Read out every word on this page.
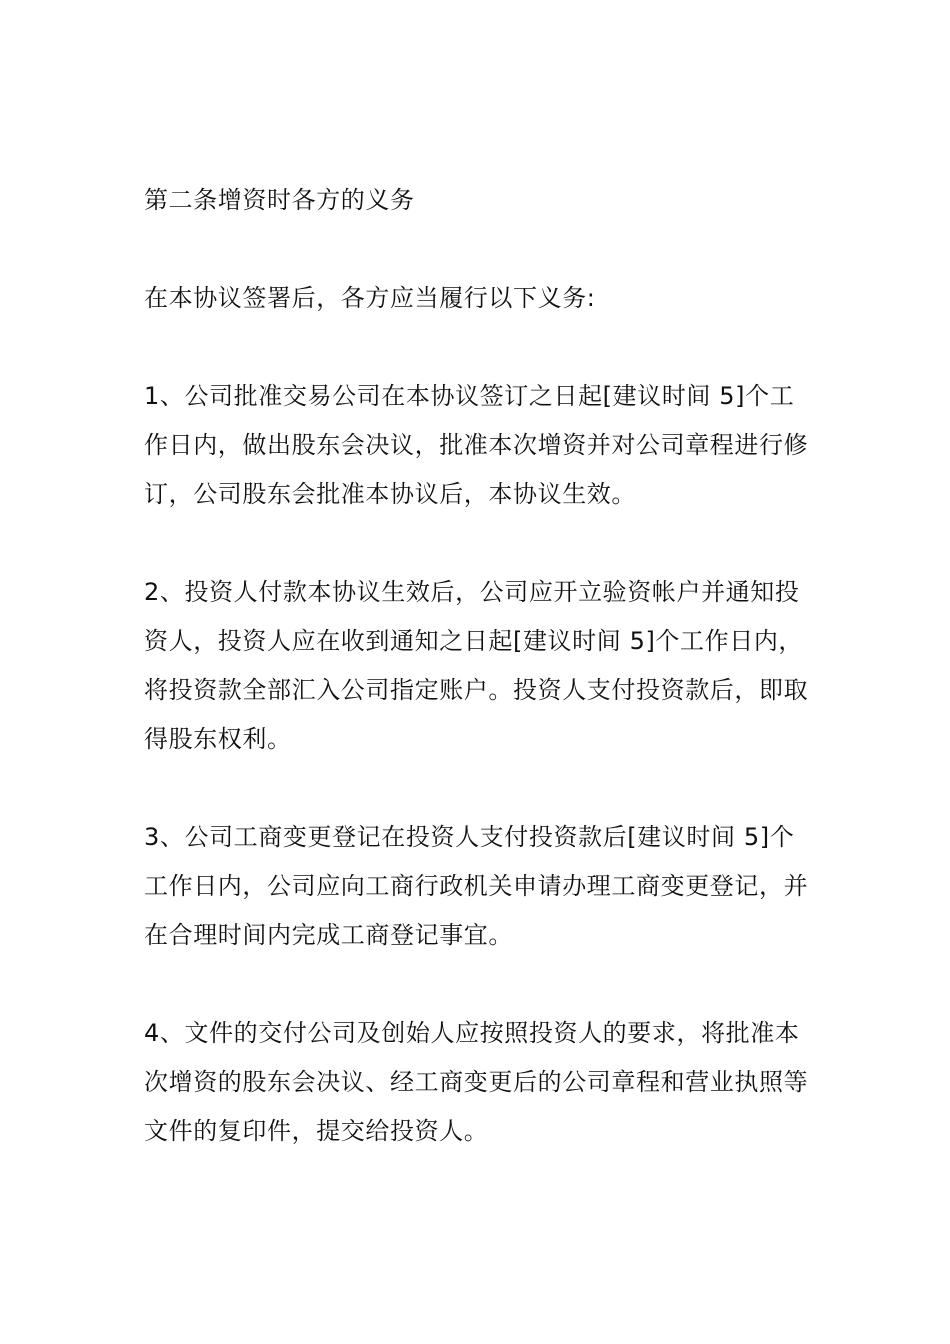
第二条增资时各方的义务

在本协议签署后，各方应当履行以下义务:

1、公司批准交易公司在本协议签订之日起[建议时间 5]个工作日内，做出股东会决议，批准本次增资并对公司章程进行修订，公司股东会批准本协议后，本协议生效。

2、投资人付款本协议生效后，公司应开立验资帐户并通知投资人，投资人应在收到通知之日起[建议时间 5]个工作日内，将投资款全部汇入公司指定账户。投资人支付投资款后，即取得股东权利。

3、公司工商变更登记在投资人支付投资款后[建议时间 5]个工作日内，公司应向工商行政机关申请办理工商变更登记，并在合理时间内完成工商登记事宜。

4、文件的交付公司及创始人应按照投资人的要求，将批准本次增资的股东会决议、经工商变更后的公司章程和营业执照等文件的复印件，提交给投资人。
